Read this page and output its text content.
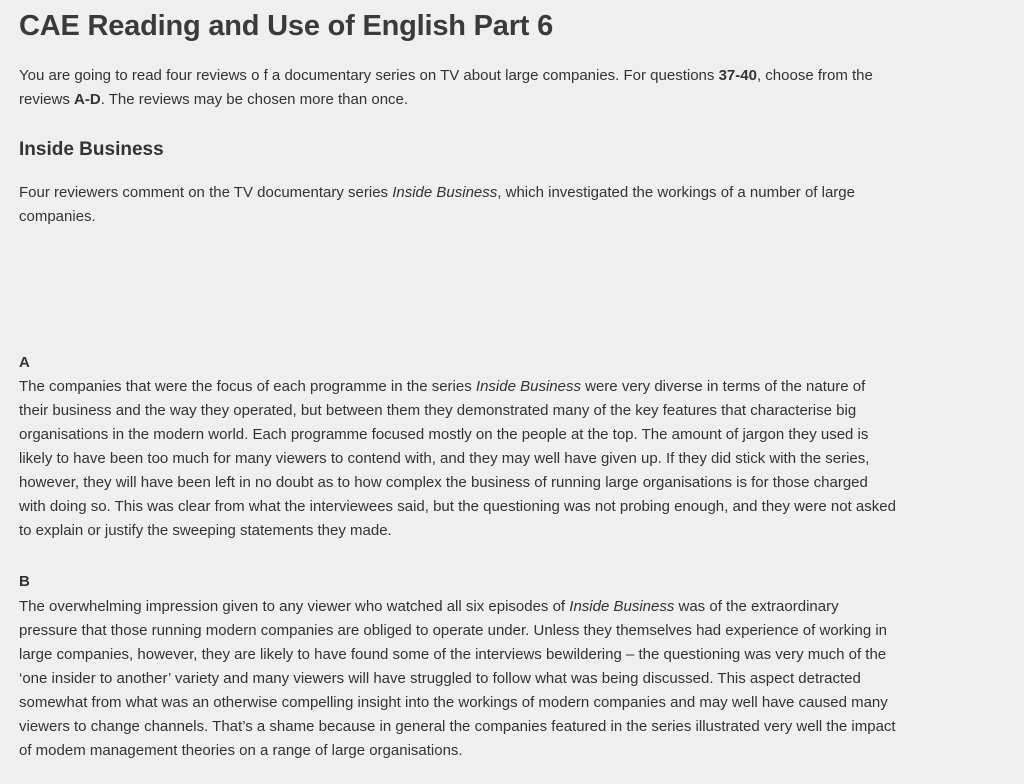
CAE Reading and Use of English Part 6
You are going to read four reviews o f a documentary series on TV about large companies. For questions 37-40, choose from the
reviews A-D. The reviews may be chosen more than once.
Inside Business
Four reviewers comment on the TV documentary series Inside Business, which investigated the workings of a number of large
companies.
A
The companies that were the focus of each programme in the series Inside Business were very diverse in terms of the nature of
their business and the way they operated, but between them they demonstrated many of the key features that characterise big
organisations in the modern world. Each programme focused mostly on the people at the top. The amount of jargon they used is
likely to have been too much for many viewers to contend with, and they may well have given up. If they did stick with the series,
however, they will have been left in no doubt as to how complex the business of running large organisations is for those charged
with doing so. This was clear from what the interviewees said, but the questioning was not probing enough, and they were not asked
to explain or justify the sweeping statements they made.
B
The overwhelming impression given to any viewer who watched all six episodes of Inside Business was of the extraordinary
pressure that those running modern companies are obliged to operate under. Unless they themselves had experience of working in
large companies, however, they are likely to have found some of the interviews bewildering – the questioning was very much of the
‘one insider to another’ variety and many viewers will have struggled to follow what was being discussed. This aspect detracted
somewhat from what was an otherwise compelling insight into the workings of modern companies and may well have caused many
viewers to change channels. That’s a shame because in general the companies featured in the series illustrated very well the impact
of modem management theories on a range of large organisations.
